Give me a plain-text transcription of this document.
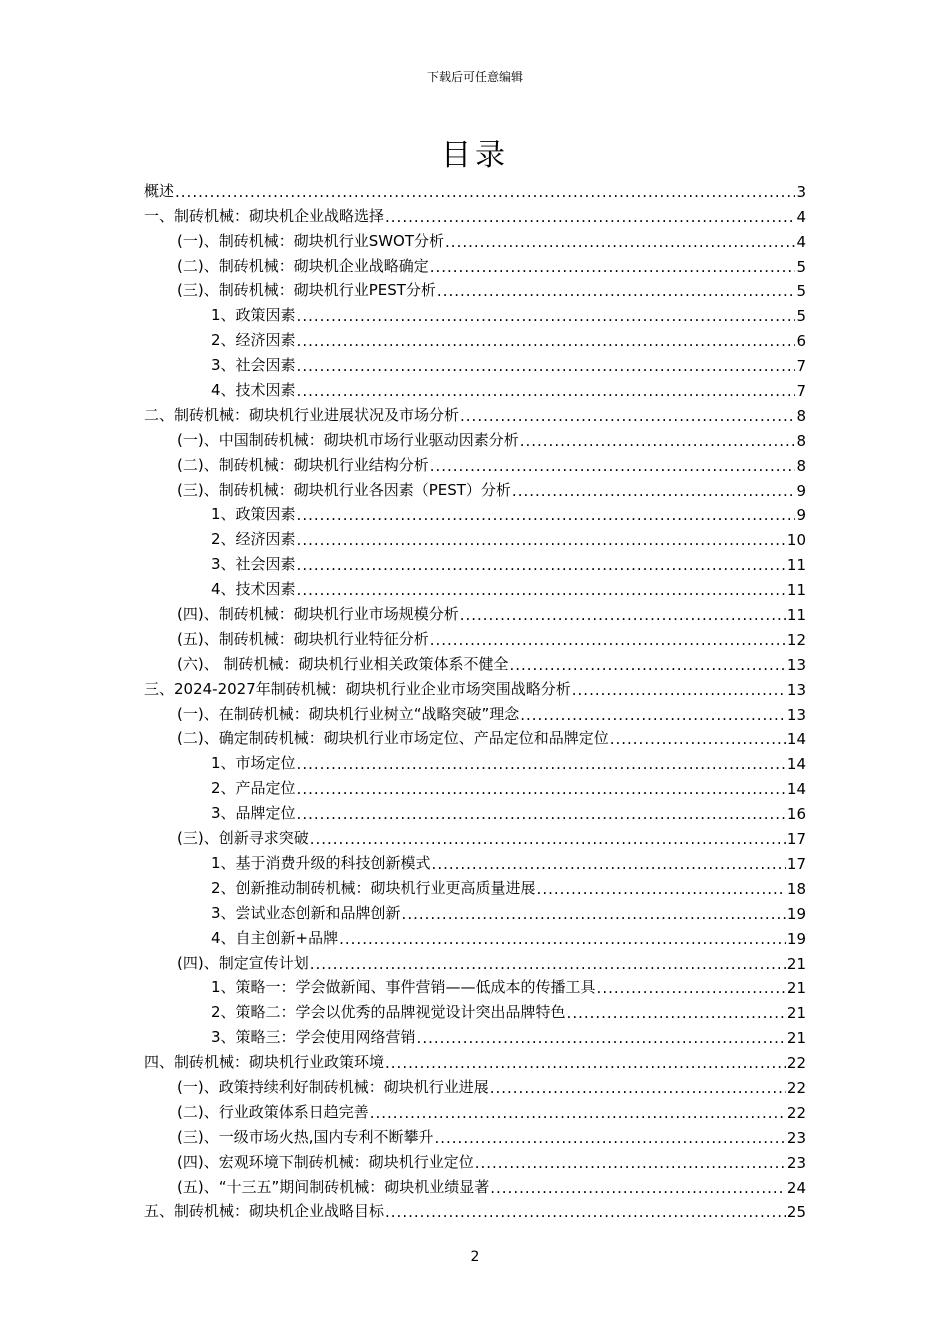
下载后可任意编辑
目录
概述 .....	3
一、制砖机械：砌块机企业战略选择 .....	4
(一)、制砖机械：砌块机行业SWOT分析 .....	4
(二)、制砖机械：砌块机企业战略确定 .....	5
(三)、制砖机械：砌块机行业PEST分析 .....	5
1、政策因素 .....	5
2、经济因素 .....	6
3、社会因素 .....	7
4、技术因素 .....	7
二、制砖机械：砌块机行业进展状况及市场分析 .....	8
(一)、中国制砖机械：砌块机市场行业驱动因素分析 .....	8
(二)、制砖机械：砌块机行业结构分析 .....	8
(三)、制砖机械：砌块机行业各因素（PEST）分析 .....	9
1、政策因素 .....	9
2、经济因素 .....	10
3、社会因素 .....	11
4、技术因素 .....	11
(四)、制砖机械：砌块机行业市场规模分析 .....	11
(五)、制砖机械：砌块机行业特征分析 .....	12
(六)、 制砖机械：砌块机行业相关政策体系不健全 .....	13
三、2024-2027年制砖机械：砌块机行业企业市场突围战略分析 .....	13
(一)、在制砖机械：砌块机行业树立“战略突破”理念 .....	13
(二)、确定制砖机械：砌块机行业市场定位、产品定位和品牌定位 .....	14
1、市场定位 .....	14
2、产品定位 .....	14
3、品牌定位 .....	16
(三)、创新寻求突破 .....	17
1、基于消费升级的科技创新模式 .....	17
2、创新推动制砖机械：砌块机行业更高质量进展 .....	18
3、尝试业态创新和品牌创新 .....	19
4、自主创新+品牌 .....	19
(四)、制定宣传计划 .....	21
1、策略一：学会做新闻、事件营销——低成本的传播工具 .....	21
2、策略二：学会以优秀的品牌视觉设计突出品牌特色 .....	21
3、策略三：学会使用网络营销 .....	21
四、制砖机械：砌块机行业政策环境 .....	22
(一)、政策持续利好制砖机械：砌块机行业进展 .....	22
(二)、行业政策体系日趋完善 .....	22
(三)、一级市场火热,国内专利不断攀升 .....	23
(四)、宏观环境下制砖机械：砌块机行业定位 .....	23
(五)、“十三五”期间制砖机械：砌块机业绩显著 .....	24
五、制砖机械：砌块机企业战略目标 .....	25
2
